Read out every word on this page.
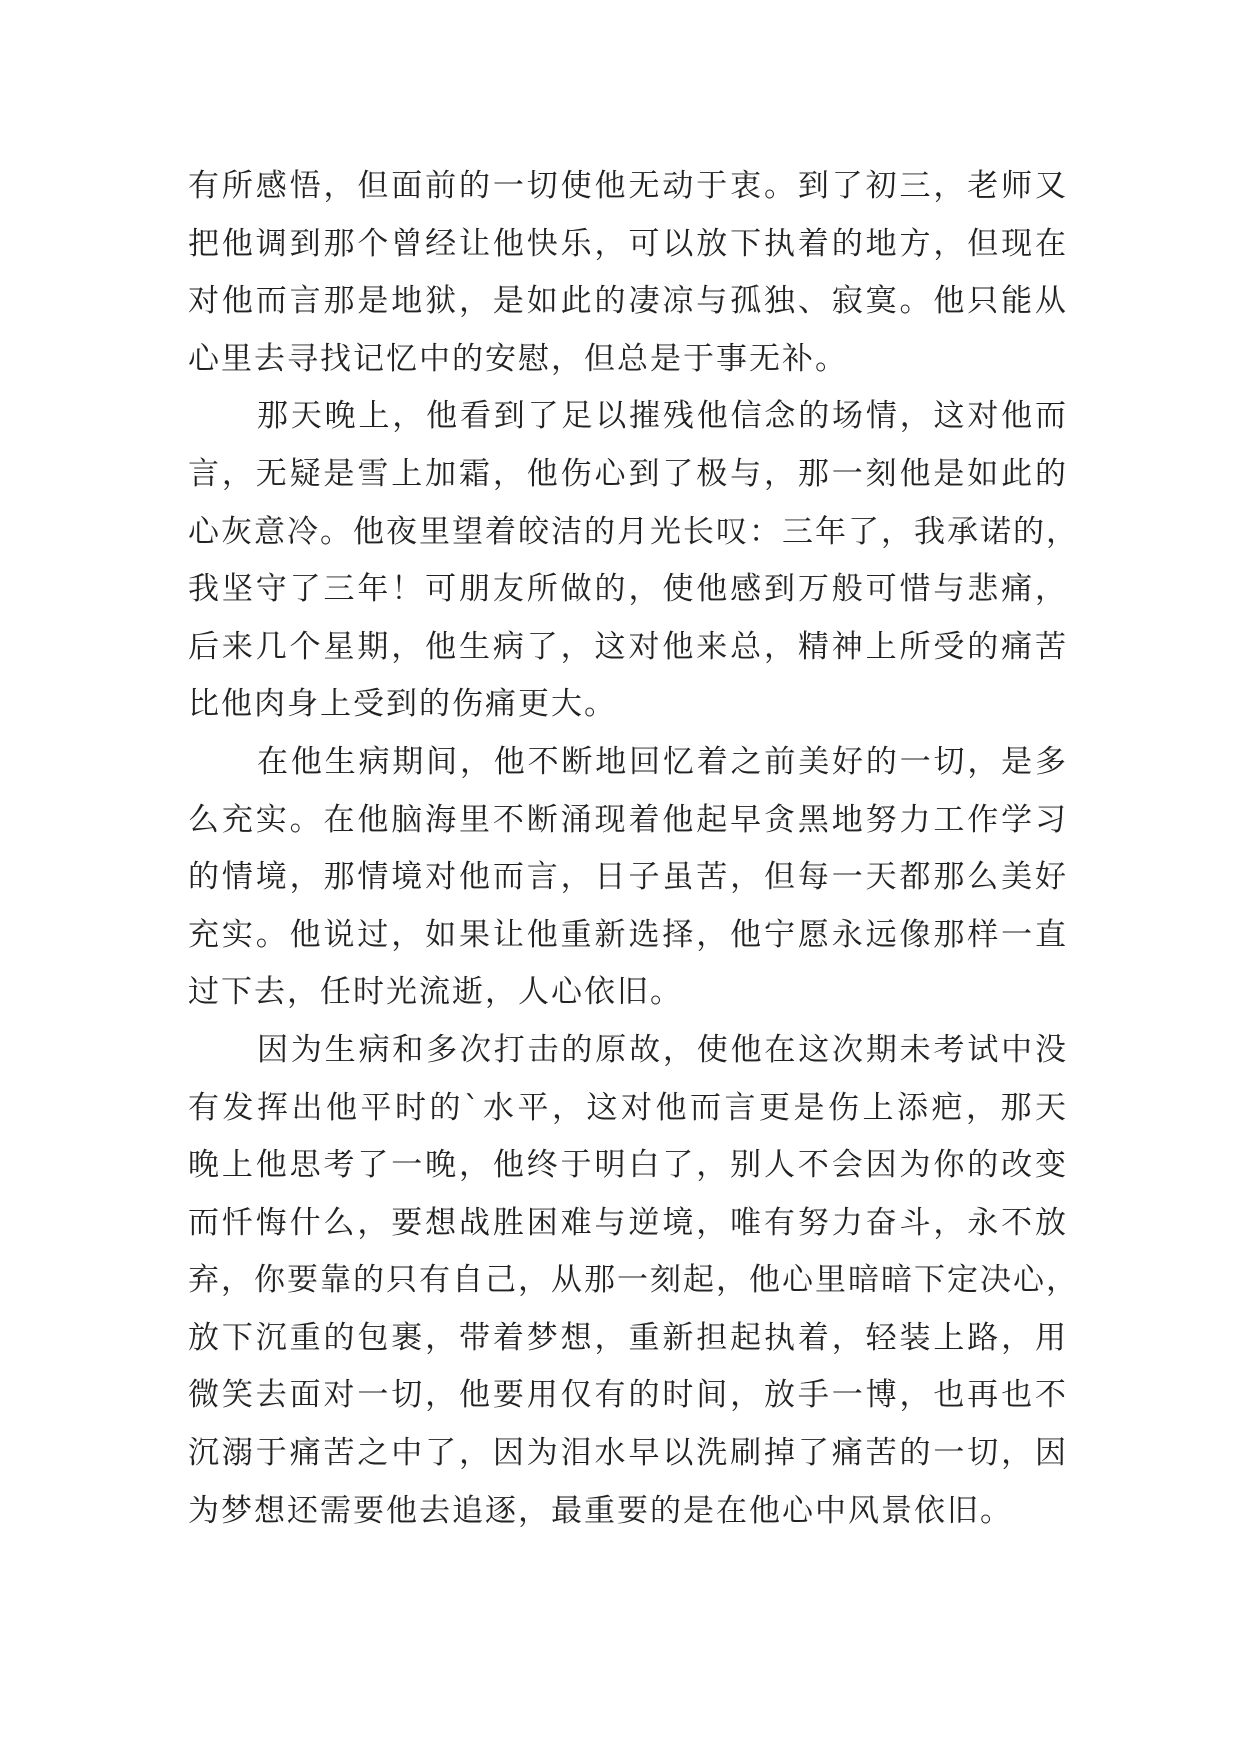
有所感悟，但面前的一切使他无动于衷。到了初三，老师又
把他调到那个曾经让他快乐，可以放下执着的地方，但现在
对他而言那是地狱，是如此的凄凉与孤独、寂寞。他只能从
心里去寻找记忆中的安慰，但总是于事无补。
那天晚上，他看到了足以摧残他信念的场情，这对他而
言，无疑是雪上加霜，他伤心到了极与，那一刻他是如此的
心灰意冷。他夜里望着皎洁的月光长叹：三年了，我承诺的，
我坚守了三年！可朋友所做的，使他感到万般可惜与悲痛，
后来几个星期，他生病了，这对他来总，精神上所受的痛苦
比他肉身上受到的伤痛更大。
在他生病期间，他不断地回忆着之前美好的一切，是多
么充实。在他脑海里不断涌现着他起早贪黑地努力工作学习
的情境，那情境对他而言，日子虽苦，但每一天都那么美好
充实。他说过，如果让他重新选择，他宁愿永远像那样一直
过下去，任时光流逝，人心依旧。
因为生病和多次打击的原故，使他在这次期未考试中没
有发挥出他平时的`水平，这对他而言更是伤上添疤，那天
晚上他思考了一晚，他终于明白了，别人不会因为你的改变
而忏悔什么，要想战胜困难与逆境，唯有努力奋斗，永不放
弃，你要靠的只有自己，从那一刻起，他心里暗暗下定决心，
放下沉重的包裹，带着梦想，重新担起执着，轻装上路，用
微笑去面对一切，他要用仅有的时间，放手一博，也再也不
沉溺于痛苦之中了，因为泪水早以洗刷掉了痛苦的一切，因
为梦想还需要他去追逐，最重要的是在他心中风景依旧。
